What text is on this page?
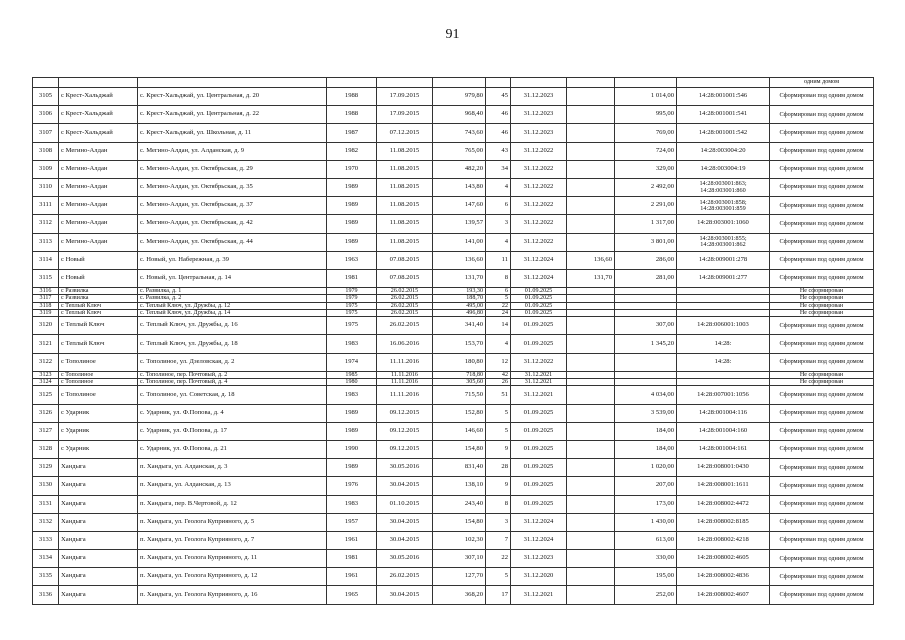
91
											одним домом
3105	с Крест-Хальджай	с. Крест-Хальджай, ул. Центральная, д. 20	1988	17.09.2015	979,80	45	31.12.2023		1 014,00	14:28:001001:546	Сформирован под одним домом
3106	с Крест-Хальджай	с. Крест-Хальджай, ул. Центральная, д. 22	1988	17.09.2015	968,40	46	31.12.2023		995,00	14:28:001001:541	Сформирован под одним домом
3107	с Крест-Хальджай	с. Крест-Хальджай, ул. Школьная, д. 11	1987	07.12.2015	743,60	46	31.12.2023		769,00	14:28:001001:542	Сформирован под одним домом
3108	с Мегино-Алдан	с. Мегино-Алдан, ул. Алданская, д. 9	1982	11.08.2015	765,00	43	31.12.2022		724,00	14:28:003004:20	Сформирован под одним домом
3109	с Мегино-Алдан	с. Мегино-Алдан, ул. Октябрьская, д. 29	1970	11.08.2015	482,20	34	31.12.2022		329,00	14:28:003004:19	Сформирован под одним домом
3110	с Мегино-Алдан	с. Мегино-Алдан, ул. Октябрьская, д. 35	1989	11.08.2015	143,80	4	31.12.2022		2 492,00	14:28:003001:863; 14:28:003001:860	Сформирован под одним домом
3111	с Мегино-Алдан	с. Мегино-Алдан, ул. Октябрьская, д. 37	1989	11.08.2015	147,60	6	31.12.2022		2 291,00	14:28:003001:858; 14:28:003001:859	Сформирован под одним домом
3112	с Мегино-Алдан	с. Мегино-Алдан, ул. Октябрьская, д. 42	1989	11.08.2015	139,57	3	31.12.2022		1 317,00	14:28:003001:1060	Сформирован под одним домом
3113	с Мегино-Алдан	с. Мегино-Алдан, ул. Октябрьская, д. 44	1989	11.08.2015	141,00	4	31.12.2022		3 801,00	14:28:003001:855; 14:28:003001:862	Сформирован под одним домом
3114	с Новый	с. Новый, ул. Набережная, д. 39	1963	07.08.2015	136,60	11	31.12.2024	136,60	286,00	14:28:009001:278	Сформирован под одним домом
3115	с Новый	с. Новый, ул. Центральная, д. 14	1981	07.08.2015	131,70	8	31.12.2024	131,70	281,00	14:28:009001:277	Сформирован под одним домом
3116	с Развилка	с. Развилка, д. 1	1979	26.02.2015	193,30	6	01.09.2025				Не сформирован
3117	с Развилка	с. Развилка, д. 2	1979	26.02.2015	188,70	5	01.09.2025				Не сформирован
3118	с Теплый Ключ	с. Теплый Ключ, ул. Дружбы, д. 12	1975	26.02.2015	495,00	22	01.09.2025				Не сформирован
3119	с Теплый Ключ	с. Теплый Ключ, ул. Дружбы, д. 14	1975	26.02.2015	496,80	24	01.09.2025				Не сформирован
3120	с Теплый Ключ	с. Теплый Ключ, ул. Дружбы, д. 16	1975	26.02.2015	341,40	14	01.09.2025		307,00	14:28:006001:1003	Сформирован под одним домом
3121	с Теплый Ключ	с. Теплый Ключ, ул. Дружбы, д. 18	1983	16.06.2016	153,70	4	01.09.2025		1 345,20	14:28:	Сформирован под одним домом
3122	с Тополиное	с. Тополиное, ул. Дзеловская, д. 2	1974	11.11.2016	180,80	12	31.12.2022			14:28:	Сформирован под одним домом
3123	с Тополиное	с. Тополиное, пер. Почтовый, д. 2	1985	11.11.2016	718,80	42	31.12.2021				Не сформирован
3124	с Тополиное	с. Тополиное, пер. Почтовый, д. 4	1980	11.11.2016	305,60	26	31.12.2021				Не сформирован
3125	с Тополиное	с. Тополиное, ул. Советская, д. 18	1983	11.11.2016	715,50	51	31.12.2021		4 034,00	14:28:007001:1056	Сформирован под одним домом
3126	с Ударник	с. Ударник, ул. Ф.Попова, д. 4	1989	09.12.2015	152,80	5	01.09.2025		3 539,00	14:28:001004:116	Сформирован под одним домом
3127	с Ударник	с. Ударник, ул. Ф.Попова, д. 17	1989	09.12.2015	146,60	5	01.09.2025		184,00	14:28:001004:160	Сформирован под одним домом
3128	с Ударник	с. Ударник, ул. Ф.Попова, д. 21	1990	09.12.2015	154,80	9	01.09.2025		184,00	14:28:001004:161	Сформирован под одним домом
3129	Хандыга	п. Хандыга, ул. Алданская, д. 3	1989	30.05.2016	831,40	28	01.09.2025		1 020,00	14:28:008001:0430	Сформирован под одним домом
3130	Хандыга	п. Хандыга, ул. Алданская, д. 13	1976	30.04.2015	138,10	9	01.09.2025		207,00	14:28:008001:1611	Сформирован под одним домом
3131	Хандыга	п. Хандыга, пер. В.Чертовой, д. 12	1983	01.10.2015	243,40	8	01.09.2025		173,00	14:28:008002:4472	Сформирован под одним домом
3132	Хандыга	п. Хандыга, ул. Геолога Куприяного, д. 5	1957	30.04.2015	154,80	3	31.12.2024		1 430,00	14:28:008002:8185	Сформирован под одним домом
3133	Хандыга	п. Хандыга, ул. Геолога Куприяного, д. 7	1961	30.04.2015	102,30	7	31.12.2024		613,00	14:28:008002:4218	Сформирован под одним домом
3134	Хандыга	п. Хандыга, ул. Геолога Куприяного, д. 11	1981	30.05.2016	307,10	22	31.12.2023		330,00	14:28:008002:4605	Сформирован под одним домом
3135	Хандыга	п. Хандыга, ул. Геолога Куприяного, д. 12	1961	26.02.2015	127,70	5	31.12.2020		195,00	14:28:008002:4836	Сформирован под одним домом
3136	Хандыга	п. Хандыга, ул. Геолога Куприяного, д. 16	1965	30.04.2015	368,20	17	31.12.2021		252,00	14:28:008002:4607	Сформирован под одним домом
